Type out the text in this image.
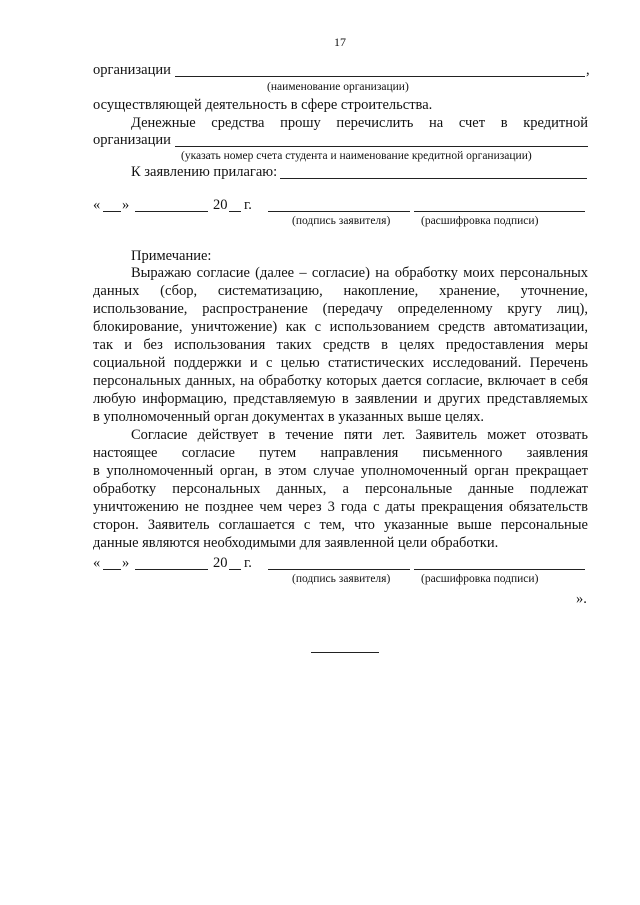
17
организации	,
(наименование организации)
осуществляющей деятельность в сфере строительства.
Денежные средства прошу перечислить на счет в кредитной
организации
(указать номер счета студента и наименование кредитной организации)
К заявлению прилагаю:
« »	20 г.
(подпись заявителя)	(расшифровка подписи)
Примечание:
Выражаю согласие (далее – согласие) на обработку моих персональных
данных (сбор, систематизацию, накопление, хранение, уточнение,
использование, распространение (передачу определенному кругу лиц),
блокирование, уничтожение) как с использованием средств автоматизации,
так и без использования таких средств в целях предоставления меры
социальной поддержки и с целью статистических исследований. Перечень
персональных данных, на обработку которых дается согласие, включает в себя
любую информацию, представляемую в заявлении и других представляемых
в уполномоченный орган документах в указанных выше целях.
Согласие действует в течение пяти лет. Заявитель может отозвать
настоящее согласие путем направления письменного заявления
в уполномоченный орган, в этом случае уполномоченный орган прекращает
обработку персональных данных, а персональные данные подлежат
уничтожению не позднее чем через 3 года с даты прекращения обязательств
сторон. Заявитель соглашается с тем, что указанные выше персональные
данные являются необходимыми для заявленной цели обработки.
« »	20 г.
(подпись заявителя)	(расшифровка подписи)
».
